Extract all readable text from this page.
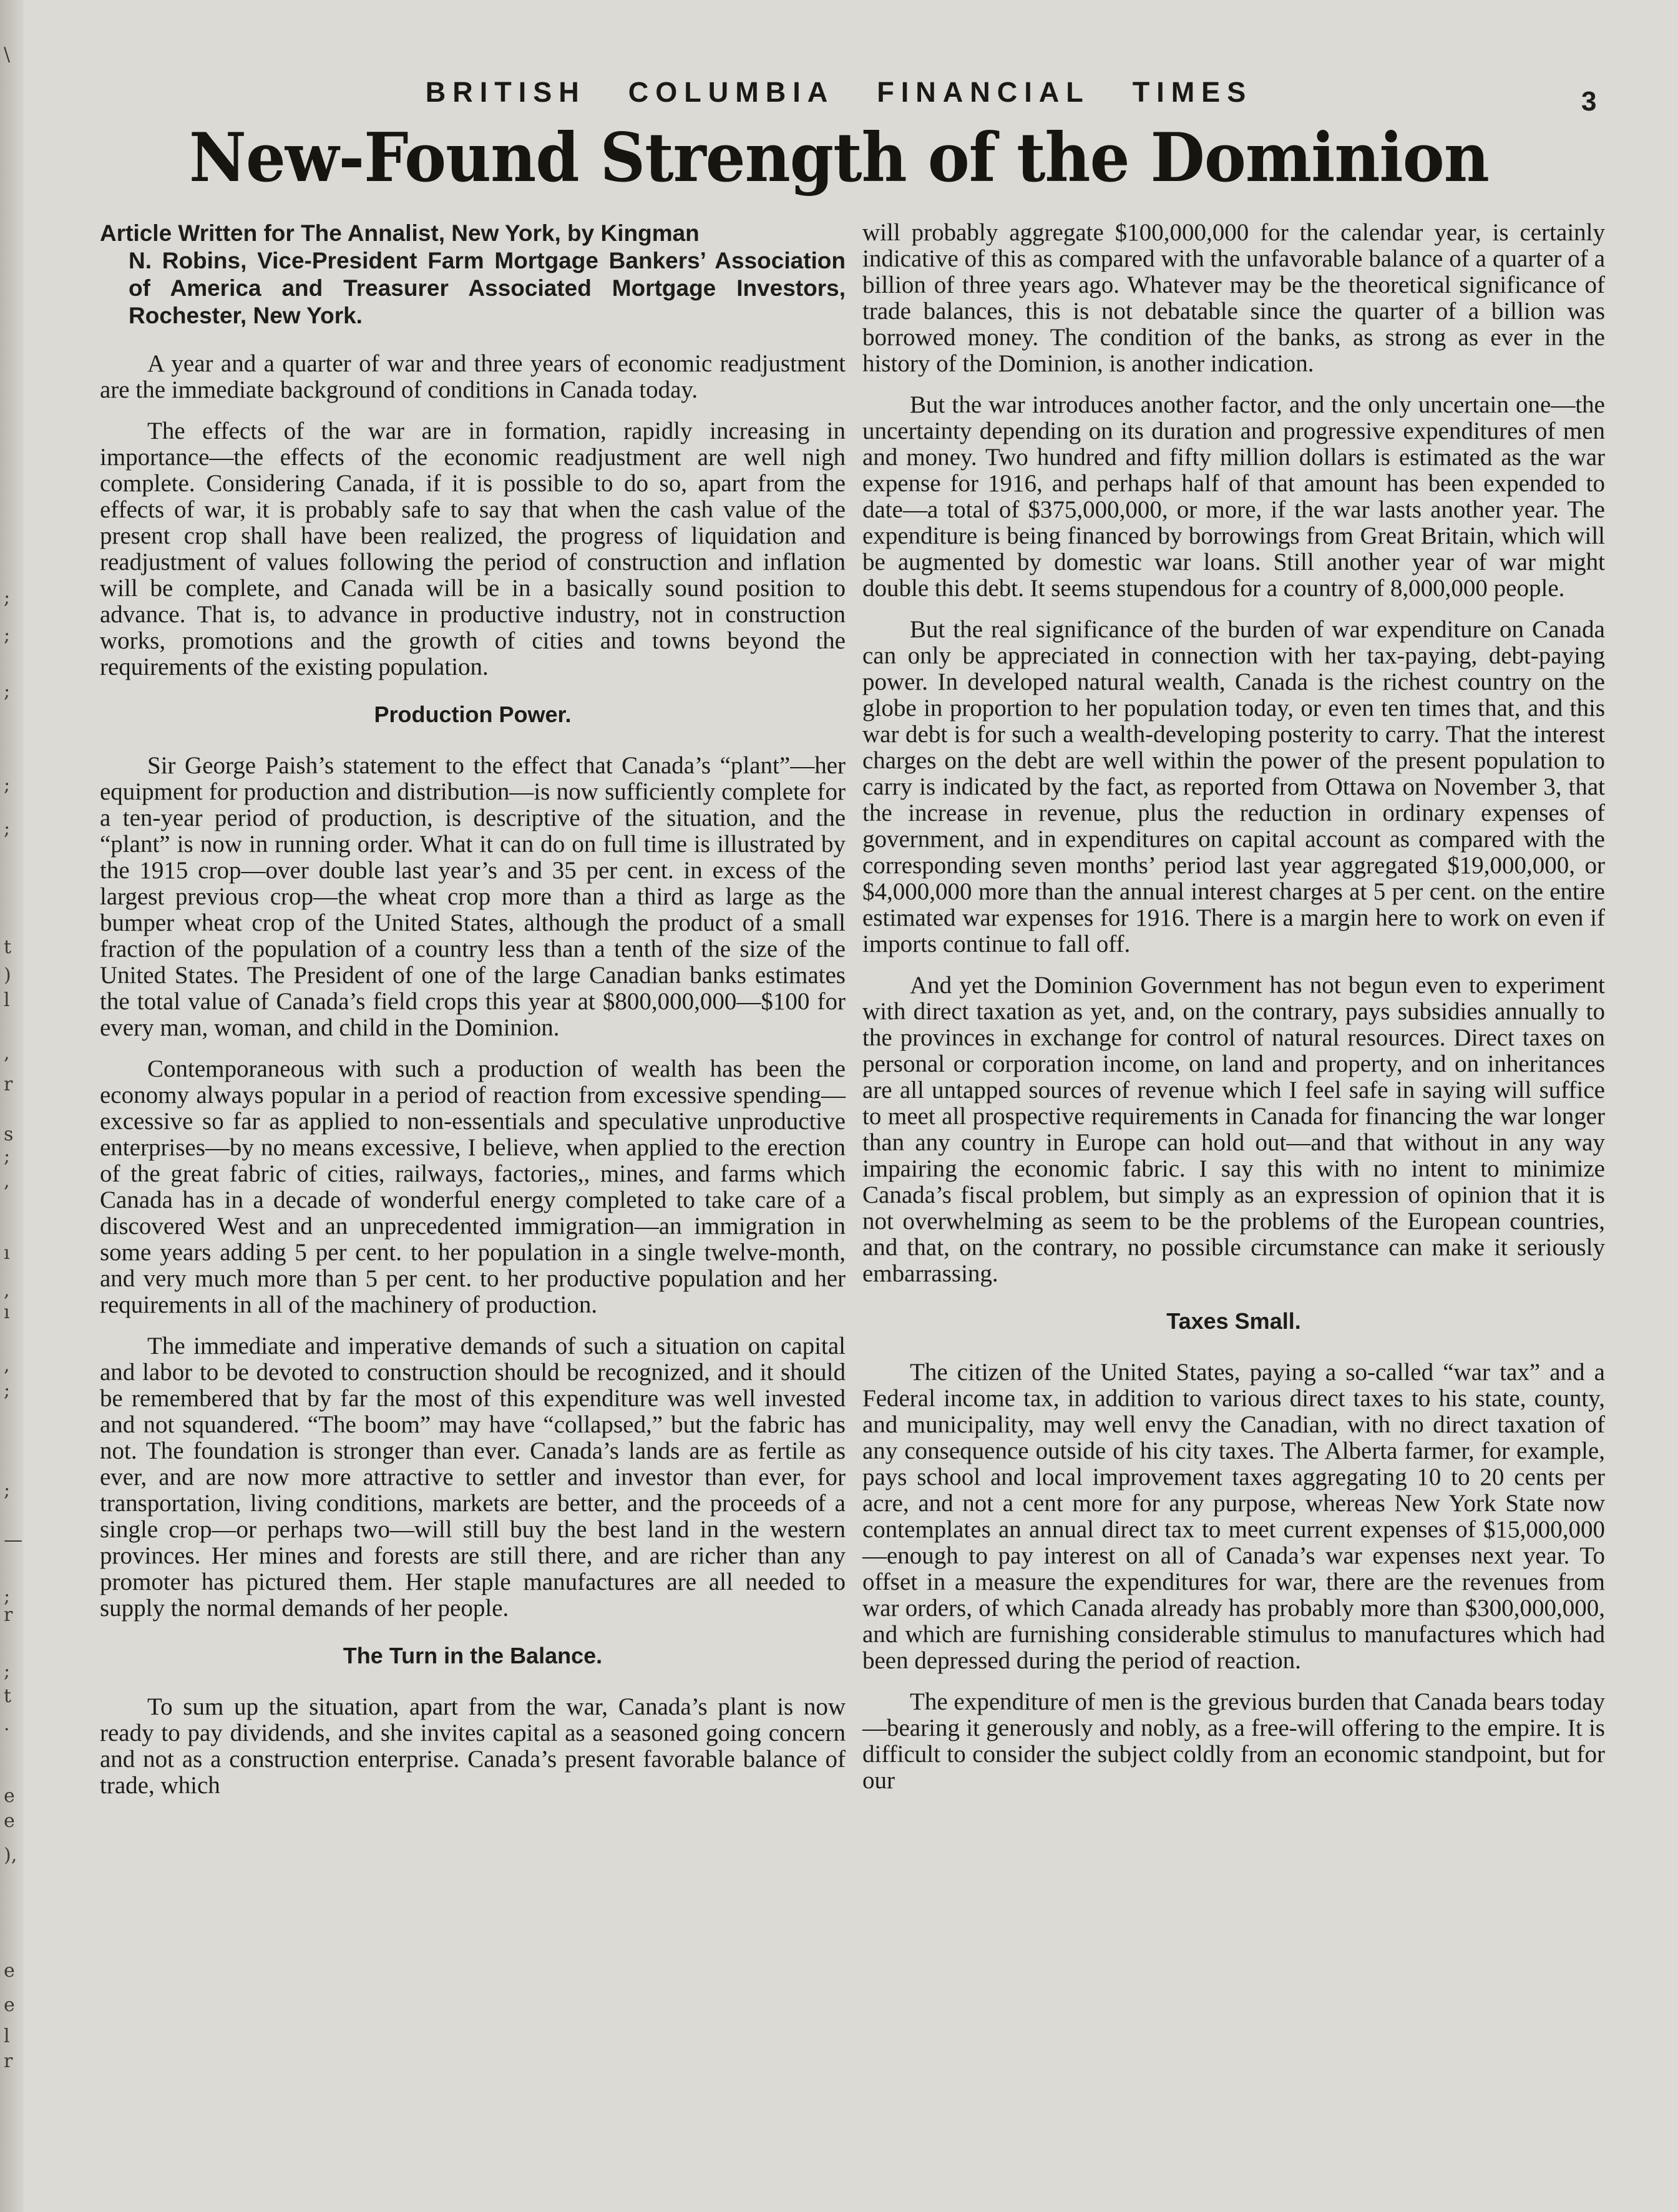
\
;
;
;
;
;
t
)
l
,
r
s
;
,
ı
,
ı
,
;
;
—
;
r
;
t
.
e
e
),
e
e
l
r
BRITISH COLUMBIA FINANCIAL TIMES	3
New-Found Strength of the Dominion
Article Written for The Annalist, New York, by Kingman
N. Robins, Vice-President Farm Mortgage Bankers’ Association of America and Treasurer Associated Mortgage Investors, Rochester, New York.

A year and a quarter of war and three years of economic readjustment are the immediate background of conditions in Canada today.

The effects of the war are in formation, rapidly increasing in importance—the effects of the economic readjustment are well nigh complete. Considering Canada, if it is possible to do so, apart from the effects of war, it is probably safe to say that when the cash value of the present crop shall have been realized, the progress of liquidation and readjustment of values following the period of construction and inflation will be complete, and Canada will be in a basically sound position to advance. That is, to advance in productive industry, not in construction works, promotions and the growth of cities and towns beyond the requirements of the existing population.

Production Power.

Sir George Paish’s statement to the effect that Canada’s “plant”—her equipment for production and distribution—is now sufficiently complete for a ten-year period of production, is descriptive of the situation, and the “plant” is now in running order. What it can do on full time is illustrated by the 1915 crop—over double last year’s and 35 per cent. in excess of the largest previous crop—the wheat crop more than a third as large as the bumper wheat crop of the United States, although the product of a small fraction of the population of a country less than a tenth of the size of the United States. The President of one of the large Canadian banks estimates the total value of Canada’s field crops this year at $800,000,000—$100 for every man, woman, and child in the Dominion.

Contemporaneous with such a production of wealth has been the economy always popular in a period of reaction from excessive spending—excessive so far as applied to non-essentials and speculative unproductive enterprises—by no means excessive, I believe, when applied to the erection of the great fabric of cities, railways, factories,, mines, and farms which Canada has in a decade of wonderful energy completed to take care of a discovered West and an unprecedented immigration—an immigration in some years adding 5 per cent. to her population in a single twelve-month, and very much more than 5 per cent. to her productive population and her requirements in all of the machinery of production.

The immediate and imperative demands of such a situation on capital and labor to be devoted to construction should be recognized, and it should be remembered that by far the most of this expenditure was well invested and not squandered. “The boom” may have “collapsed,” but the fabric has not. The foundation is stronger than ever. Canada’s lands are as fertile as ever, and are now more attractive to settler and investor than ever, for transportation, living conditions, markets are better, and the proceeds of a single crop—or perhaps two—will still buy the best land in the western provinces. Her mines and forests are still there, and are richer than any promoter has pictured them. Her staple manufactures are all needed to supply the normal demands of her people.

The Turn in the Balance.

To sum up the situation, apart from the war, Canada’s plant is now ready to pay dividends, and she invites capital as a seasoned going concern and not as a construction enterprise. Canada’s present favorable balance of trade, which

will probably aggregate $100,000,000 for the calendar year, is certainly indicative of this as compared with the unfavorable balance of a quarter of a billion of three years ago. Whatever may be the theoretical significance of trade balances, this is not debatable since the quarter of a billion was borrowed money. The condition of the banks, as strong as ever in the history of the Dominion, is another indication.

But the war introduces another factor, and the only uncertain one—the uncertainty depending on its duration and progressive expenditures of men and money. Two hundred and fifty million dollars is estimated as the war expense for 1916, and perhaps half of that amount has been expended to date—a total of $375,000,000, or more, if the war lasts another year. The expenditure is being financed by borrowings from Great Britain, which will be augmented by domestic war loans. Still another year of war might double this debt. It seems stupendous for a country of 8,000,000 people.

But the real significance of the burden of war expenditure on Canada can only be appreciated in connection with her tax-paying, debt-paying power. In developed natural wealth, Canada is the richest country on the globe in proportion to her population today, or even ten times that, and this war debt is for such a wealth-developing posterity to carry. That the interest charges on the debt are well within the power of the present population to carry is indicated by the fact, as reported from Ottawa on November 3, that the increase in revenue, plus the reduction in ordinary expenses of government, and in expenditures on capital account as compared with the corresponding seven months’ period last year aggregated $19,000,000, or $4,000,000 more than the annual interest charges at 5 per cent. on the entire estimated war expenses for 1916. There is a margin here to work on even if imports continue to fall off.

And yet the Dominion Government has not begun even to experiment with direct taxation as yet, and, on the contrary, pays subsidies annually to the provinces in exchange for control of natural resources. Direct taxes on personal or corporation income, on land and property, and on inheritances are all untapped sources of revenue which I feel safe in saying will suffice to meet all prospective requirements in Canada for financing the war longer than any country in Europe can hold out—and that without in any way impairing the economic fabric. I say this with no intent to minimize Canada’s fiscal problem, but simply as an expression of opinion that it is not overwhelming as seem to be the problems of the European countries, and that, on the contrary, no possible circumstance can make it seriously embarrassing.

Taxes Small.

The citizen of the United States, paying a so-called “war tax” and a Federal income tax, in addition to various direct taxes to his state, county, and municipality, may well envy the Canadian, with no direct taxation of any consequence outside of his city taxes. The Alberta farmer, for example, pays school and local improvement taxes aggregating 10 to 20 cents per acre, and not a cent more for any purpose, whereas New York State now contemplates an annual direct tax to meet current expenses of $15,000,000—enough to pay interest on all of Canada’s war expenses next year. To offset in a measure the expenditures for war, there are the revenues from war orders, of which Canada already has probably more than $300,000,000, and which are furnishing considerable stimulus to manufactures which had been depressed during the period of reaction.

The expenditure of men is the grevious burden that Canada bears today—bearing it generously and nobly, as a free-will offering to the empire. It is difficult to consider the subject coldly from an economic standpoint, but for our
